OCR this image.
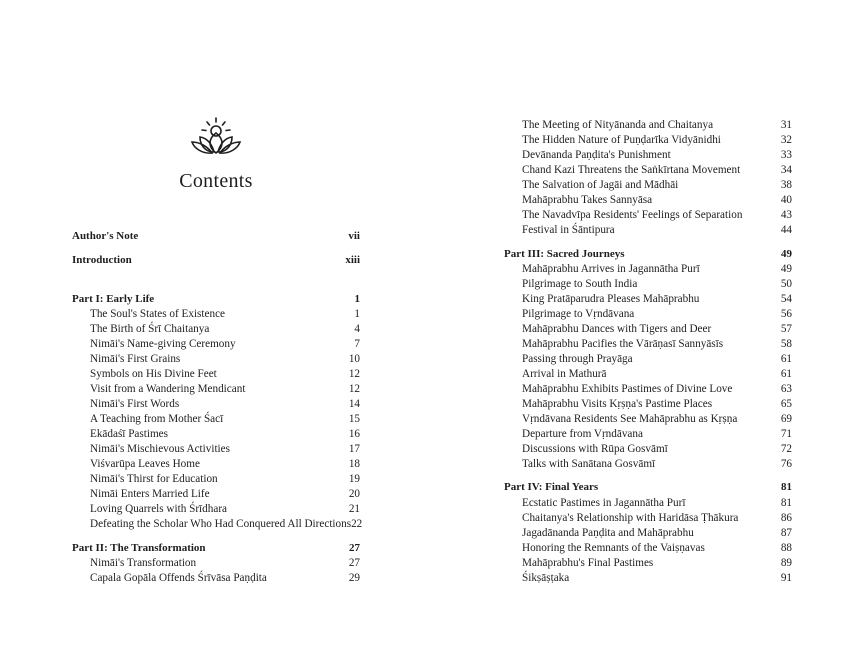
Contents
Author's Note	vii
Introduction	xiii
Part I: Early Life	1
The Soul's States of Existence	1
The Birth of Śrī Chaitanya	4
Nimāi's Name-giving Ceremony	7
Nimāi's First Grains	10
Symbols on His Divine Feet	12
Visit from a Wandering Mendicant	12
Nimāi's First Words	14
A Teaching from Mother Śacī	15
Ekādaśī Pastimes	16
Nimāi's Mischievous Activities	17
Viśvarūpa Leaves Home	18
Nimāi's Thirst for Education	19
Nimāi Enters Married Life	20
Loving Quarrels with Śrīdhara	21
Defeating the Scholar Who Had Conquered All Directions 22
Part II: The Transformation	27
Nimāi's Transformation	27
Capala Gopāla Offends Śrīvāsa Paṇḍita	29
The Meeting of Nityānanda and Chaitanya	31
The Hidden Nature of Puṇḍarīka Vidyānidhi	32
Devānanda Paṇḍita's Punishment	33
Chand Kazi Threatens the Saṅkīrtana Movement	34
The Salvation of Jagāi and Mādhāi	38
Mahāprabhu Takes Sannyāsa	40
The Navadvīpa Residents' Feelings of Separation	43
Festival in Śāntipura	44
Part III: Sacred Journeys	49
Mahāprabhu Arrives in Jagannātha Purī	49
Pilgrimage to South India	50
King Pratāparudra Pleases Mahāprabhu	54
Pilgrimage to Vṛndāvana	56
Mahāprabhu Dances with Tigers and Deer	57
Mahāprabhu Pacifies the Vārāṇasī Sannyāsīs	58
Passing through Prayāga	61
Arrival in Mathurā	61
Mahāprabhu Exhibits Pastimes of Divine Love	63
Mahāprabhu Visits Kṛṣṇa's Pastime Places	65
Vṛndāvana Residents See Mahāprabhu as Kṛṣṇa	69
Departure from Vṛndāvana	71
Discussions with Rūpa Gosvāmī	72
Talks with Sanātana Gosvāmī	76
Part IV: Final Years	81
Ecstatic Pastimes in Jagannātha Purī	81
Chaitanya's Relationship with Haridāsa Ṭhākura	86
Jagadānanda Paṇḍita and Mahāprabhu	87
Honoring the Remnants of the Vaiṣṇavas	88
Mahāprabhu's Final Pastimes	89
Śikṣāṣṭaka	91
